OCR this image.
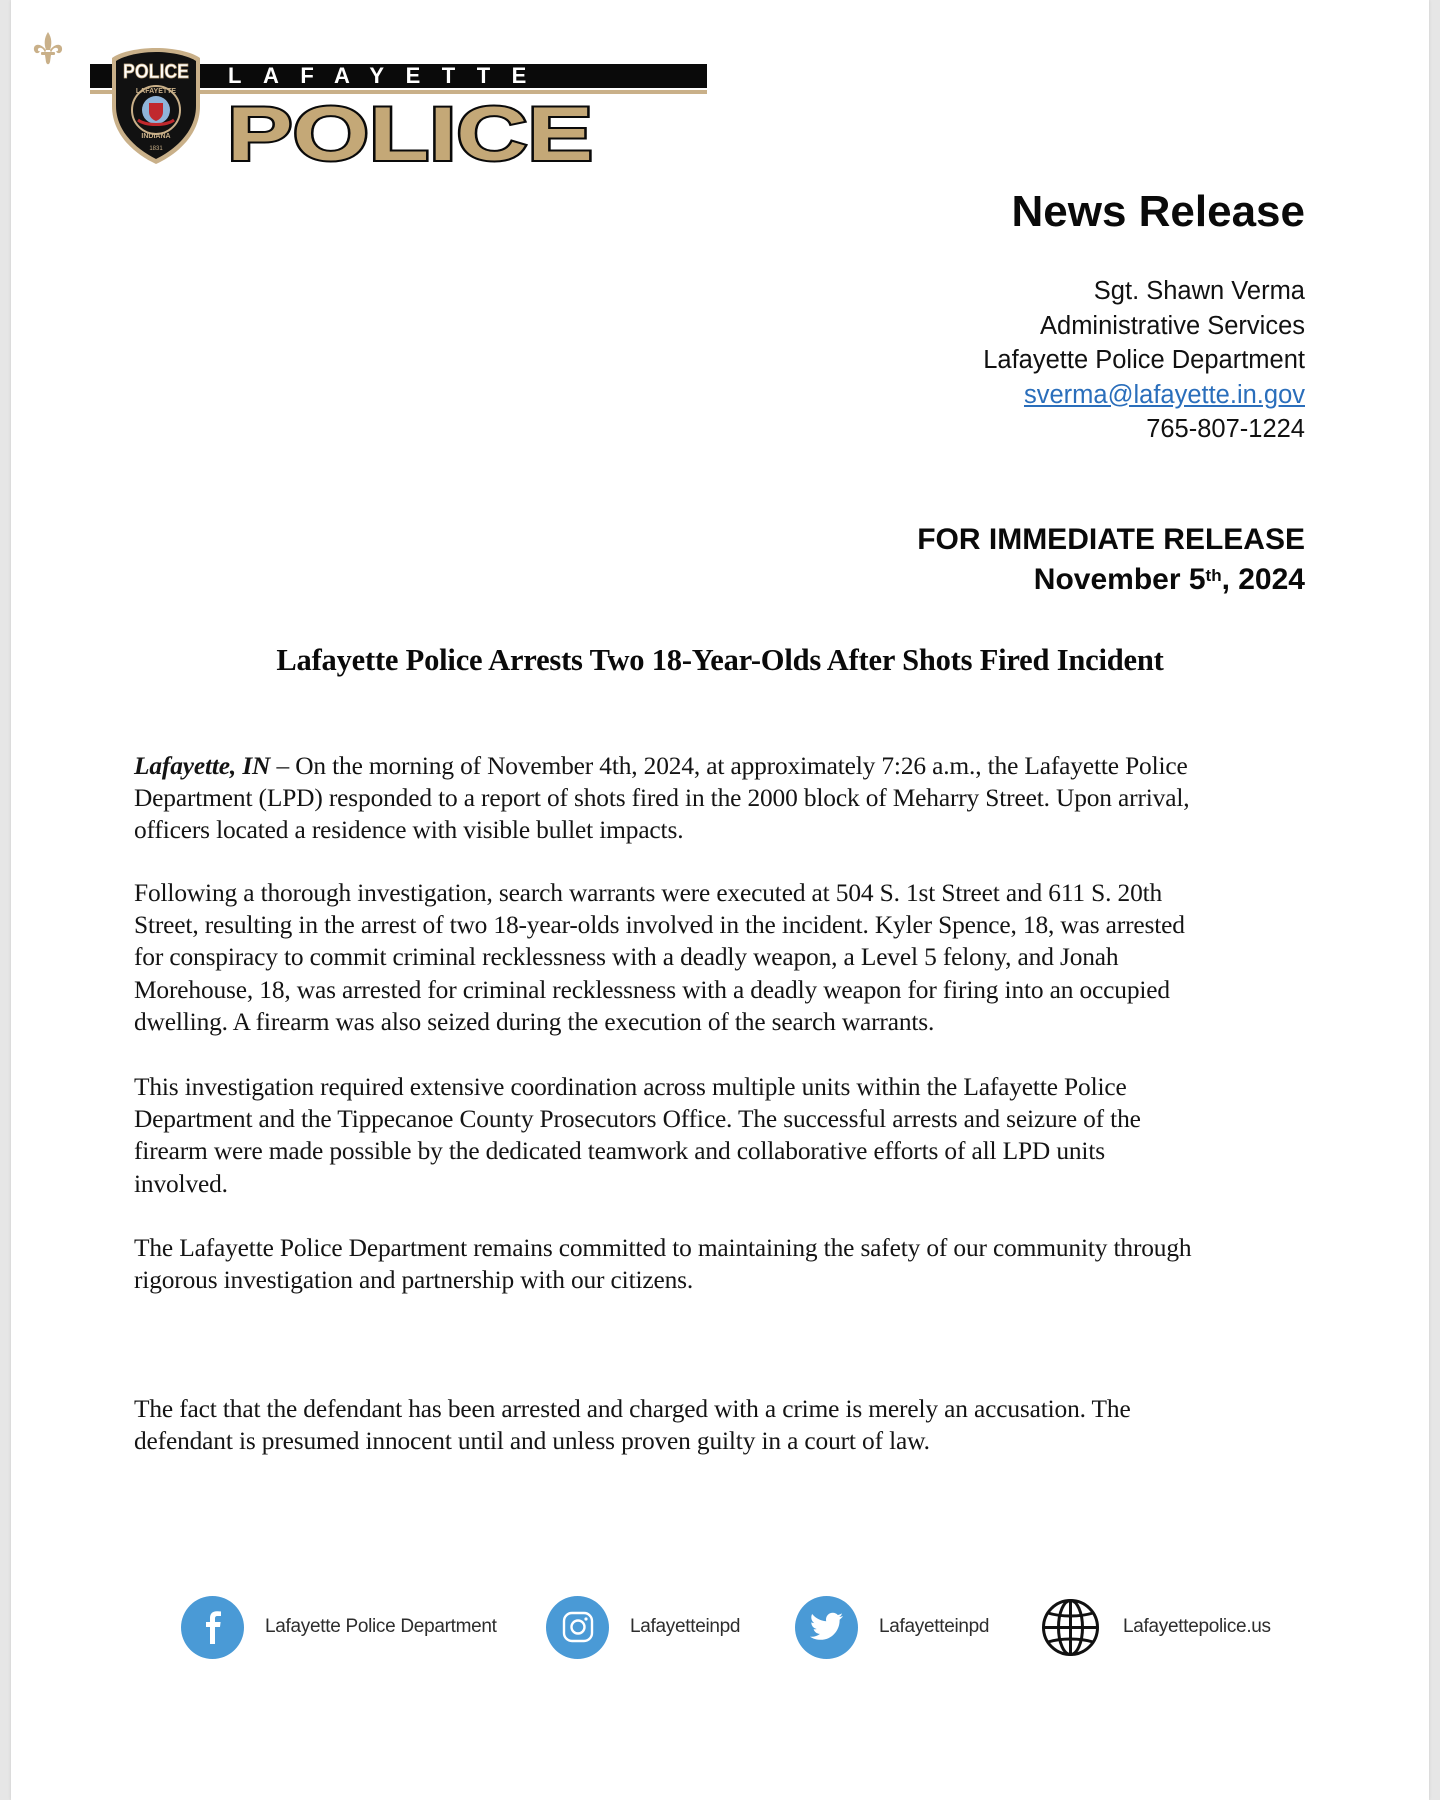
LAFAYETTE
POLICE
POLICE
LAFAYETTE
INDIANA
1831
News Release
Sgt. Shawn Verma
Administrative Services
Lafayette Police Department
sverma@lafayette.in.gov
765-807-1224
FOR IMMEDIATE RELEASE
November 5th, 2024
Lafayette Police Arrests Two 18-Year-Olds After Shots Fired Incident
Lafayette, IN – On the morning of November 4th, 2024, at approximately 7:26 a.m., the Lafayette Police
Department (LPD) responded to a report of shots fired in the 2000 block of Meharry Street. Upon arrival,
officers located a residence with visible bullet impacts.
Following a thorough investigation, search warrants were executed at 504 S. 1st Street and 611 S. 20th
Street, resulting in the arrest of two 18-year-olds involved in the incident. Kyler Spence, 18, was arrested
for conspiracy to commit criminal recklessness with a deadly weapon, a Level 5 felony, and Jonah
Morehouse, 18, was arrested for criminal recklessness with a deadly weapon for firing into an occupied
dwelling. A firearm was also seized during the execution of the search warrants.
This investigation required extensive coordination across multiple units within the Lafayette Police
Department and the Tippecanoe County Prosecutors Office. The successful arrests and seizure of the
firearm were made possible by the dedicated teamwork and collaborative efforts of all LPD units
involved.
The Lafayette Police Department remains committed to maintaining the safety of our community through
rigorous investigation and partnership with our citizens.
The fact that the defendant has been arrested and charged with a crime is merely an accusation. The
defendant is presumed innocent until and unless proven guilty in a court of law.
Lafayette Police Department	Lafayetteinpd	Lafayetteinpd	Lafayettepolice.us
